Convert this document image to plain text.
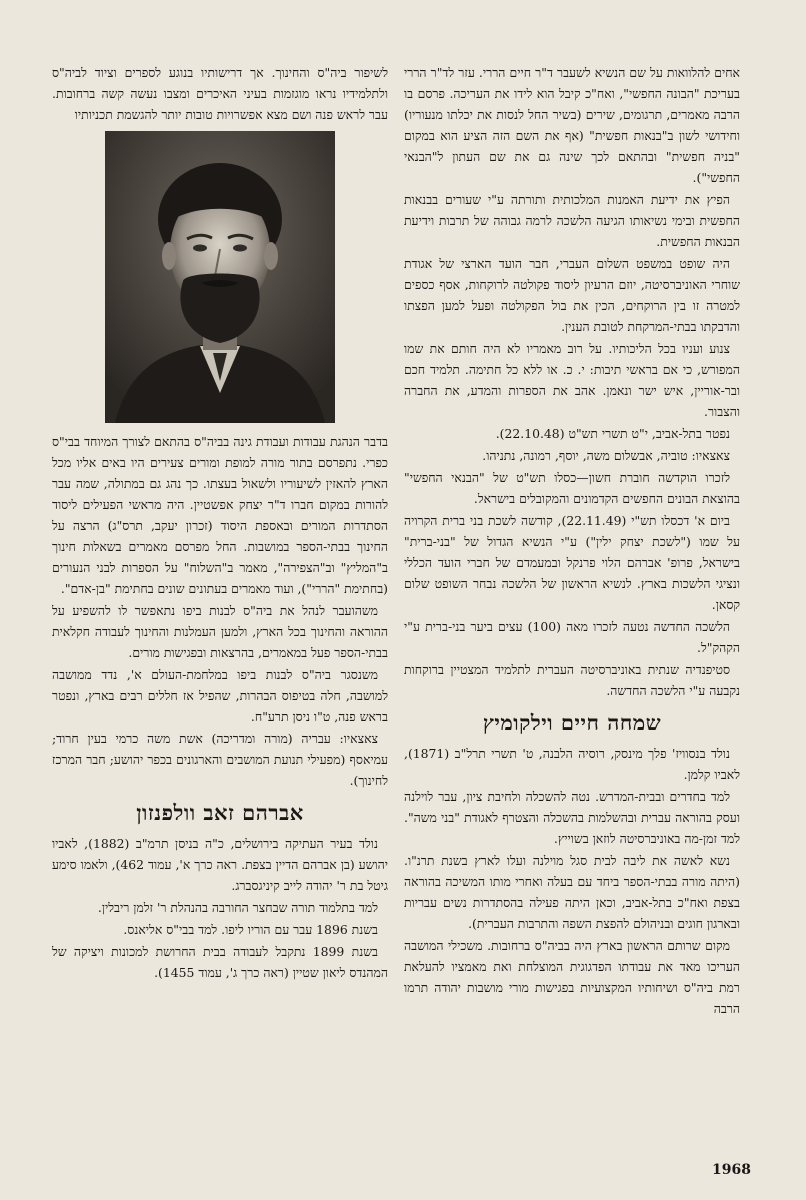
אחים להלוואות על שם הנשיא לשעבר ד"ר חיים הררי. עזר לד"ר הררי בעריכת "הבונה החפשי", ואח"כ קיבל הוא לידו את העריכה. פרסם בו הרבה מאמרים, תרגומים, שירים (בשיר החל לנסות את יכלתו מנעוריו) וחידושי לשון ב"בנאות חפשית" (אף את השם הזה הציע הוא במקום "בניה חפשית" ובהתאם לכך שינה גם את שם העתון ל"הבנאי החפשי").

הפיץ את ידיעת האמנות המלכותית ותורתה ע"י שעורים בבנאות החפשית ובימי נשיאותו הגיעה הלשכה לרמה גבוהה של תרבות וידיעת הבנאות החפשית.

היה שופט במשפט השלום העברי, חבר הועד הארצי של אגודת שוחרי האוניברסיטה, יוזם הרעיון ליסוד פקולטה לרוקחות, אסף כספים למטרה זו בין הרוקחים, הכין את בול הפקולטה ופעל למען הפצתו והדבקתו בבתי-המרקחת לטובת הענין.

צנוע ועניו בכל הליכותיו. על רוב מאמריו לא היה חותם את שמו המפורש, כי אם בראשי תיבות: י. כ. או ללא כל חתימה. תלמיד חכם ובר-אוריין, איש ישר ונאמן. אהב את הספרות והמדע, את החברה והצבור.

נפטר בתל-אביב, י"ט תשרי תש"ט (22.10.48).

צאצאיו: טוביה, אבשלום משה, יוסף, רמונה, נתניהו.

לזכרו הוקדשה חוברת חשון—כסלו תש"ט של "הבנאי החפשי" בהוצאת הבונים החפשים הקדמונים והמקובלים בישראל.

ביום א' דכסלו תש"י (22.11.49), קודשה לשכת בני ברית הקרויה על שמו ("לשכת יצחק ילין") ע"י הנשיא הגדול של "בני-ברית" בישראל, פרופ' אברהם הלוי פרנקל ובמעמדם של חברי הועד הכללי ונציגי הלשכות בארץ. לנשיא הראשון של הלשכה נבחר השופט שלום קסאן.

הלשכה החדשה נטעה לזכרו מאה (100) עצים ביער בני-ברית ע"י הקהק"ל.

סטיפנדיה שנתית באוניברסיטה העברית לתלמיד המצטיין ברוקחות נקבעה ע"י הלשכה החדשה.

שמחה חיים וילקומיץ

נולד בנסוויז' פלך מינסק, רוסיה הלבנה, ט' תשרי תרל"ב (1871), לאביו קלמן.

למד בחדרים ובבית-המדרש. נטה להשכלה ולחיבת ציון, עבר לוילנה ועסק בהוראה עברית ובהשלמות בהשכלה והצטרף לאגודת "בני משה". למד זמן-מה באוניברסיטה לוזאן בשוייץ.

נשא לאשה את ליבה לבית סגל מוילנה ועלו לארץ בשנת תרנ"ו. (היתה מורה בבתי-הספר ביחד עם בעלה ואחרי מותו המשיכה בהוראה בצפת ואח"כ בתל-אביב, וכאן היתה פעילה בהסתדרות נשים עבריות ובארגון חוגים ובניהולם להפצת השפה והתרבות העברית).

מקום שרותם הראשון בארץ היה בביה"ס ברחובות. משכילי המושבה העריכו מאד את עבודתו הפדגוגית המוצלחת ואת מאמציו להעלאת רמת ביה"ס ושיחותיו המקצועיות בפגישות מורי מושבות יהודה תרמו הרבה

לשיפור ביה"ס והחינוך. אך דרישותיו בנוגע לספרים וציוד לביה"ס ולתלמידיו נראו מוגזמות בעיני האיכרים ומצבו נעשה קשה ברחובות. עבר לראש פנה ושם מצא אפשרויות טובות יותר להגשמת תכניותיו

בדבר הנהגת עבודות ועבודת גינה בביה"ס בהתאם לצורך המיוחד בבי"ס כפרי. נתפרסם בתור מורה למופת ומורים צעירים היו באים אליו מכל הארץ להאזין לשיעוריו ולשאול בעצתו. כך נהג גם במתולה, שמה עבר להורות במקום חברו ד"ר יצחק אפשטיין. היה מראשי הפעילים ליסוד הסתדרות המורים ובאספת היסוד (זכרון יעקב, תרס"ג) הרצה על החינוך בבתי-הספר במושבות. החל מפרסם מאמרים בשאלות חינוך ב"המליץ" וב"הצפירה", מאמר ב"השלוח" על הספרות לבני הנעורים (בחתימת "הררי"), ועוד מאמרים בעתונים שונים בחתימת "בן-אדם".

משהועבר לנהל את ביה"ס לבנות ביפו נתאפשר לו להשפיע על ההוראה והחינוך בכל הארץ, ולמען העמלנות והחינוך לעבודה חקלאית בבתי-הספר פעל במאמרים, בהרצאות ובפגישות מורים.

משנסגר ביה"ס לבנות ביפו במלחמת-העולם א', נדד ממושבה למושבה, חלה בטיפוס הבהרות, שהפיל אז חללים רבים בארץ, ונפטר בראש פנה, ט"ו ניסן תרע"ח.

צאצאיו: עבריה (מורה ומדריכה) אשת משה כרמי בעין חרוד; עמיאסף (מפעילי תנועת המושבים והארגונים בכפר יהושע; חבר המרכז לחינוך).

אברהם זאב וולפנזון

נולד בעיר העתיקה בירושלים, כ"ה בניסן תרמ"ב (1882), לאביו יהושע (בן אברהם הדיין בצפת. ראה כרך א', עמוד 462), ולאמו סימע גיטל בת ר' יהודה לייב קיניגסברג.

למד בתלמוד תורה שבחצר החורבה בהנהלת ר' זלמן ריבלין.

בשנת 1896 עבר עם הוריו ליפו. למד בבי"ס אליאנס.

בשנת 1899 נתקבל לעבודה בבית החרושת למכונות ויציקה של המהנדס ליאון שטיין (ראה כרך ג', עמוד 1455).

1968
